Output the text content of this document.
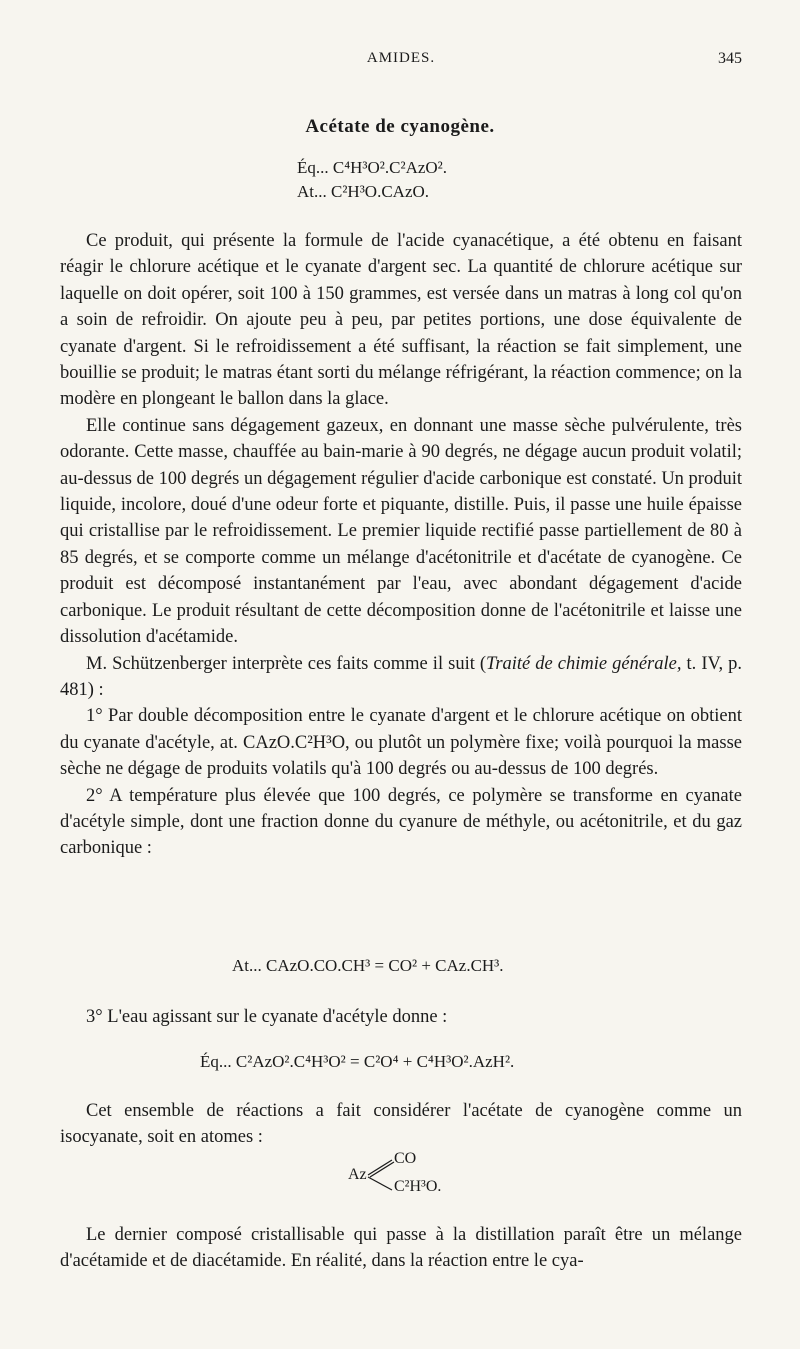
AMIDES.	345
Acétate de cyanogène.
Éq... C⁴H³O².C²AzO².
At... C²H³O.CAzO.

Ce produit, qui présente la formule de l'acide cyanacétique, a été obtenu en faisant réagir le chlorure acétique et le cyanate d'argent sec. La quantité de chlorure acétique sur laquelle on doit opérer, soit 100 à 150 grammes, est versée dans un matras à long col qu'on a soin de refroidir. On ajoute peu à peu, par petites portions, une dose équivalente de cyanate d'argent. Si le refroidissement a été suffisant, la réaction se fait simplement, une bouillie se produit; le matras étant sorti du mélange réfrigérant, la réaction commence; on la modère en plongeant le ballon dans la glace.

Elle continue sans dégagement gazeux, en donnant une masse sèche pulvérulente, très odorante. Cette masse, chauffée au bain-marie à 90 degrés, ne dégage aucun produit volatil; au-dessus de 100 degrés un dégagement régulier d'acide carbonique est constaté. Un produit liquide, incolore, doué d'une odeur forte et piquante, distille. Puis, il passe une huile épaisse qui cristallise par le refroidissement. Le premier liquide rectifié passe partiellement de 80 à 85 degrés, et se comporte comme un mélange d'acétonitrile et d'acétate de cyanogène. Ce produit est décomposé instantanément par l'eau, avec abondant dégagement d'acide carbonique. Le produit résultant de cette décomposition donne de l'acétonitrile et laisse une dissolution d'acétamide.

M. Schützenberger interprète ces faits comme il suit (Traité de chimie générale, t. IV, p. 481) :

1° Par double décomposition entre le cyanate d'argent et le chlorure acétique on obtient du cyanate d'acétyle, at. CAzO.C²H³O, ou plutôt un polymère fixe; voilà pourquoi la masse sèche ne dégage de produits volatils qu'à 100 degrés ou au-dessus de 100 degrés.

2° A température plus élevée que 100 degrés, ce polymère se transforme en cyanate d'acétyle simple, dont une fraction donne du cyanure de méthyle, ou acétonitrile, et du gaz carbonique :

At... CAzO.CO.CH³ = CO² + CAz.CH³.

3° L'eau agissant sur le cyanate d'acétyle donne :

Éq... C²AzO².C⁴H³O² = C²O⁴ + C⁴H³O².AzH².

Cet ensemble de réactions a fait considérer l'acétate de cyanogène comme un isocyanate, soit en atomes :

Az
CO
C²H³O.

Le dernier composé cristallisable qui passe à la distillation paraît être un mélange d'acétamide et de diacétamide. En réalité, dans la réaction entre le cya-
